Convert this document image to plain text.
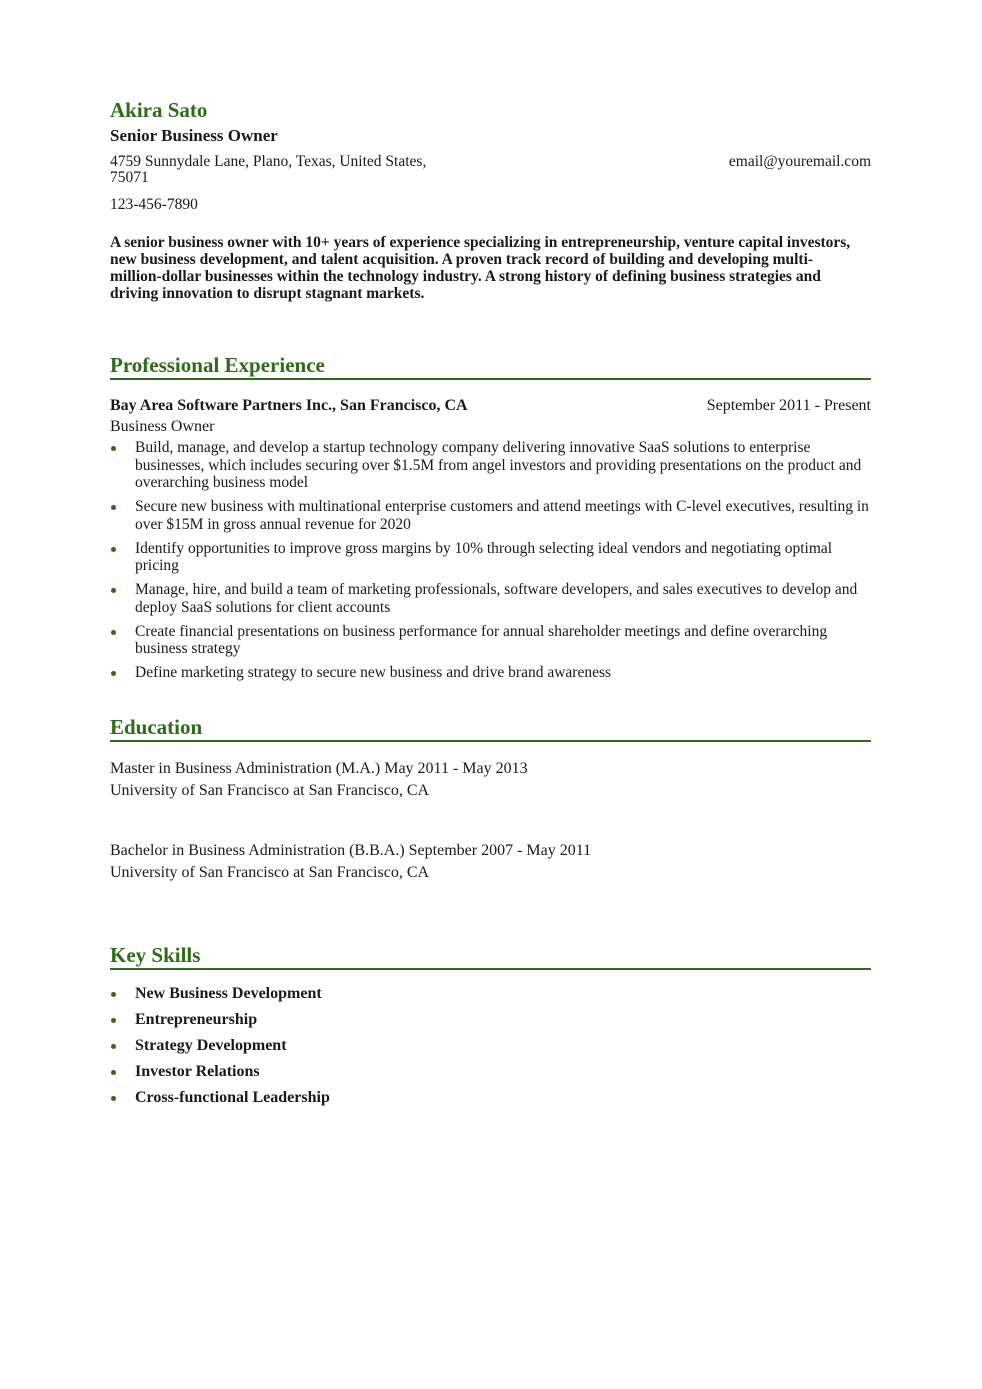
Akira Sato
Senior Business Owner
4759 Sunnydale Lane, Plano, Texas, United States, 75071
email@youremail.com
123-456-7890
A senior business owner with 10+ years of experience specializing in entrepreneurship, venture capital investors, new business development, and talent acquisition. A proven track record of building and developing multi-million-dollar businesses within the technology industry. A strong history of defining business strategies and driving innovation to disrupt stagnant markets.
Professional Experience
Bay Area Software Partners Inc., San Francisco, CA	September 2011 - Present
Business Owner
Build, manage, and develop a startup technology company delivering innovative SaaS solutions to enterprise businesses, which includes securing over $1.5M from angel investors and providing presentations on the product and overarching business model
Secure new business with multinational enterprise customers and attend meetings with C-level executives, resulting in over $15M in gross annual revenue for 2020
Identify opportunities to improve gross margins by 10% through selecting ideal vendors and negotiating optimal pricing
Manage, hire, and build a team of marketing professionals, software developers, and sales executives to develop and deploy SaaS solutions for client accounts
Create financial presentations on business performance for annual shareholder meetings and define overarching business strategy
Define marketing strategy to secure new business and drive brand awareness
Education
Master in Business Administration (M.A.) May 2011 - May 2013
University of San Francisco at San Francisco, CA
Bachelor in Business Administration (B.B.A.) September 2007 - May 2011
University of San Francisco at San Francisco, CA
Key Skills
New Business Development
Entrepreneurship
Strategy Development
Investor Relations
Cross-functional Leadership
